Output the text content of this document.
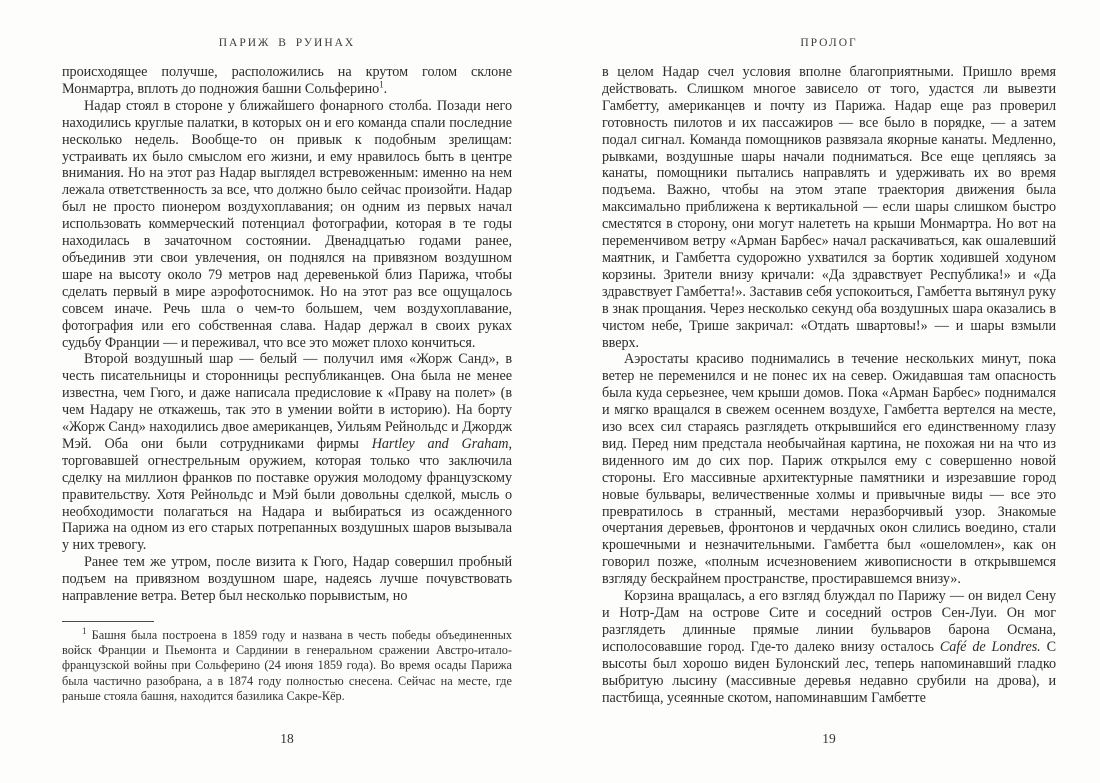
ПАРИЖ В РУИНАХ

происходящее получше, расположились на крутом голом склоне Монмартра, вплоть до подножия башни Сольферино$^1$.

Надар стоял в стороне у ближайшего фонарного столба. Позади него находились круглые палатки, в которых он и его команда спали последние несколько недель. Вообще-то он привык к подобным зрелищам: устраивать их было смыслом его жизни, и ему нравилось быть в центре внимания. Но на этот раз Надар выглядел встревоженным: именно на нем лежала ответственность за все, что должно было сейчас произойти. Надар был не просто пионером воздухоплавания; он одним из первых начал использовать коммерческий потенциал фотографии, которая в те годы находилась в зачаточном состоянии. Двенадцатью годами ранее, объединив эти свои увлечения, он поднялся на привязном воздушном шаре на высоту около 79 метров над деревенькой близ Парижа, чтобы сделать первый в мире аэрофотоснимок. Но на этот раз все ощущалось совсем иначе. Речь шла о чем-то большем, чем воздухоплавание, фотография или его собственная слава. Надар держал в своих руках судьбу Франции — и переживал, что все это может плохо кончиться.

Второй воздушный шар — белый — получил имя «Жорж Санд», в честь писательницы и сторонницы республиканцев. Она была не менее известна, чем Гюго, и даже написала предисловие к «Праву на полет» (в чем Надару не откажешь, так это в умении войти в историю). На борту «Жорж Санд» находились двое американцев, Уильям Рейнольдс и Джордж Мэй. Оба они были сотрудниками фирмы Hartley and Graham, торговавшей огнестрельным оружием, которая только что заключила сделку на миллион франков по поставке оружия молодому французскому правительству. Хотя Рейнольдс и Мэй были довольны сделкой, мысль о необходимости полагаться на Надара и выбираться из осажденного Парижа на одном из его старых потрепанных воздушных шаров вызывала у них тревогу.

Ранее тем же утром, после визита к Гюго, Надар совершил пробный подъем на привязном воздушном шаре, надеясь лучше почувствовать направление ветра. Ветер был несколько порывистым, но

$^1$ Башня была построена в 1859 году и названа в честь победы объединенных войск Франции и Пьемонта и Сардинии в генеральном сражении Австро-итало-французской войны при Сольферино (24 июня 1859 года). Во время осады Парижа была частично разобрана, а в 1874 году полностью снесена. Сейчас на месте, где раньше стояла башня, находится базилика Сакре-Кёр.

18
ПРОЛОГ

в целом Надар счел условия вполне благоприятными. Пришло время действовать. Слишком многое зависело от того, удастся ли вывезти Гамбетту, американцев и почту из Парижа. Надар еще раз проверил готовность пилотов и их пассажиров — все было в порядке, — а затем подал сигнал. Команда помощников развязала якорные канаты. Медленно, рывками, воздушные шары начали подниматься. Все еще цепляясь за канаты, помощники пытались направлять и удерживать их во время подъема. Важно, чтобы на этом этапе траектория движения была максимально приближена к вертикальной — если шары слишком быстро сместятся в сторону, они могут налететь на крыши Монмартра. Но вот на переменчивом ветру «Арман Барбес» начал раскачиваться, как ошалевший маятник, и Гамбетта судорожно ухватился за бортик ходившей ходуном корзины. Зрители внизу кричали: «Да здравствует Республика!» и «Да здравствует Гамбетта!». Заставив себя успокоиться, Гамбетта вытянул руку в знак прощания. Через несколько секунд оба воздушных шара оказались в чистом небе, Трише закричал: «Отдать швартовы!» — и шары взмыли вверх.

Аэростаты красиво поднимались в течение нескольких минут, пока ветер не переменился и не понес их на север. Ожидавшая там опасность была куда серьезнее, чем крыши домов. Пока «Арман Барбес» поднимался и мягко вращался в свежем осеннем воздухе, Гамбетта вертелся на месте, изо всех сил стараясь разглядеть открывшийся его единственному глазу вид. Перед ним предстала необычайная картина, не похожая ни на что из виденного им до сих пор. Париж открылся ему с совершенно новой стороны. Его массивные архитектурные памятники и изрезавшие город новые бульвары, величественные холмы и привычные виды — все это превратилось в странный, местами неразборчивый узор. Знакомые очертания деревьев, фронтонов и чердачных окон слились воедино, стали крошечными и незначительными. Гамбетта был «ошеломлен», как он говорил позже, «полным исчезновением живописности в открывшемся взгляду бескрайнем пространстве, простиравшемся внизу».

Корзина вращалась, а его взгляд блуждал по Парижу — он видел Сену и Нотр-Дам на острове Сите и соседний остров Сен-Луи. Он мог разглядеть длинные прямые линии бульваров барона Османа, исполосовавшие город. Где-то далеко внизу осталось Café de Londres. С высоты был хорошо виден Булонский лес, теперь напоминавший гладко выбритую лысину (массивные деревья недавно срубили на дрова), и пастбища, усеянные скотом, напоминавшим Гамбетте

19
